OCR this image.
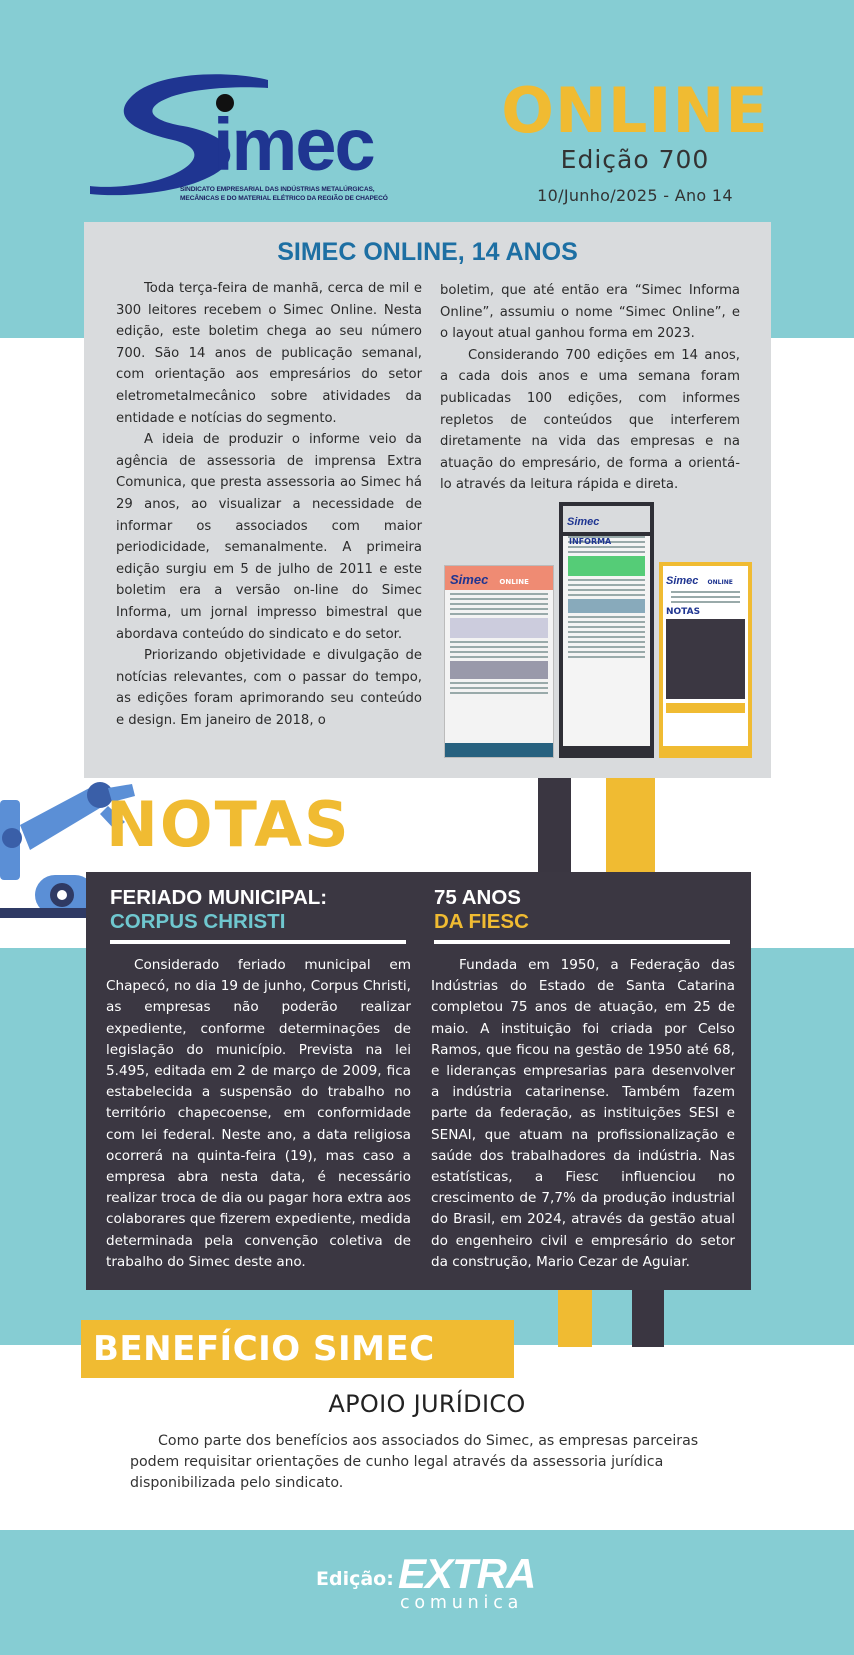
imec
SINDICATO EMPRESARIAL DAS INDÚSTRIAS METALÚRGICAS,
MECÂNICAS E DO MATERIAL ELÉTRICO DA REGIÃO DE CHAPECÓ
ONLINE
Edição 700
10/Junho/2025 - Ano 14
SIMEC ONLINE, 14 ANOS

Toda terça-feira de manhã, cerca de mil e 300 leitores recebem o Simec Online. Nesta edição, este boletim chega ao seu número 700. São 14 anos de publicação semanal, com orientação aos empresários do setor eletrometalmecânico sobre atividades da entidade e notícias do segmento.

A ideia de produzir o informe veio da agência de assessoria de imprensa Extra Comunica, que presta assessoria ao Simec há 29 anos, ao visualizar a necessidade de informar os associados com maior periodicidade, semanalmente. A primeira edição surgiu em 5 de julho de 2011 e este boletim era a versão on-line do Simec Informa, um jornal impresso bimestral que abordava conteúdo do sindicato e do setor.

Priorizando objetividade e divulgação de notícias relevantes, com o passar do tempo, as edições foram aprimorando seu conteúdo e design. Em janeiro de 2018, o

boletim, que até então era “Simec Informa Online”, assumiu o nome “Simec Online”, e o layout atual ganhou forma em 2023.

Considerando 700 edições em 14 anos, a cada dois anos e uma semana foram publicadas 100 edições, com informes repletos de conteúdos que interferem diretamente na vida das empresas e na atuação do empresário, de forma a orientá-lo através da leitura rápida e direta.

Simec ONLINE
Simec INFORMA
Simec ONLINE
NOTAS
NOTAS
FERIADO MUNICIPAL:
CORPUS CHRISTI

Considerado feriado municipal em Chapecó, no dia 19 de junho, Corpus Christi, as empresas não poderão realizar expediente, conforme determinações de legislação do município. Prevista na lei 5.495, editada em 2 de março de 2009, fica estabelecida a suspensão do trabalho no território chapecoense, em conformidade com lei federal. Neste ano, a data religiosa ocorrerá na quinta-feira (19), mas caso a empresa abra nesta data, é necessário realizar troca de dia ou pagar hora extra aos colaborares que fizerem expediente, medida determinada pela convenção coletiva de trabalho do Simec deste ano.

75 ANOS
DA FIESC

Fundada em 1950, a Federação das Indústrias do Estado de Santa Catarina completou 75 anos de atuação, em 25 de maio. A instituição foi criada por Celso Ramos, que ficou na gestão de 1950 até 68, e lideranças empresarias para desenvolver a indústria catarinense. Também fazem parte da federação, as instituições SESI e SENAI, que atuam na profissionalização e saúde dos trabalhadores da indústria. Nas estatísticas, a Fiesc influenciou no crescimento de 7,7% da produção industrial do Brasil, em 2024, através da gestão atual do engenheiro civil e empresário do setor da construção, Mario Cezar de Aguiar.

BENEFÍCIO SIMEC
APOIO JURÍDICO

Como parte dos benefícios aos associados do Simec, as empresas parceiras podem requisitar orientações de cunho legal através da assessoria jurídica disponibilizada pelo sindicato.

Edição: EXTRA
comunica
